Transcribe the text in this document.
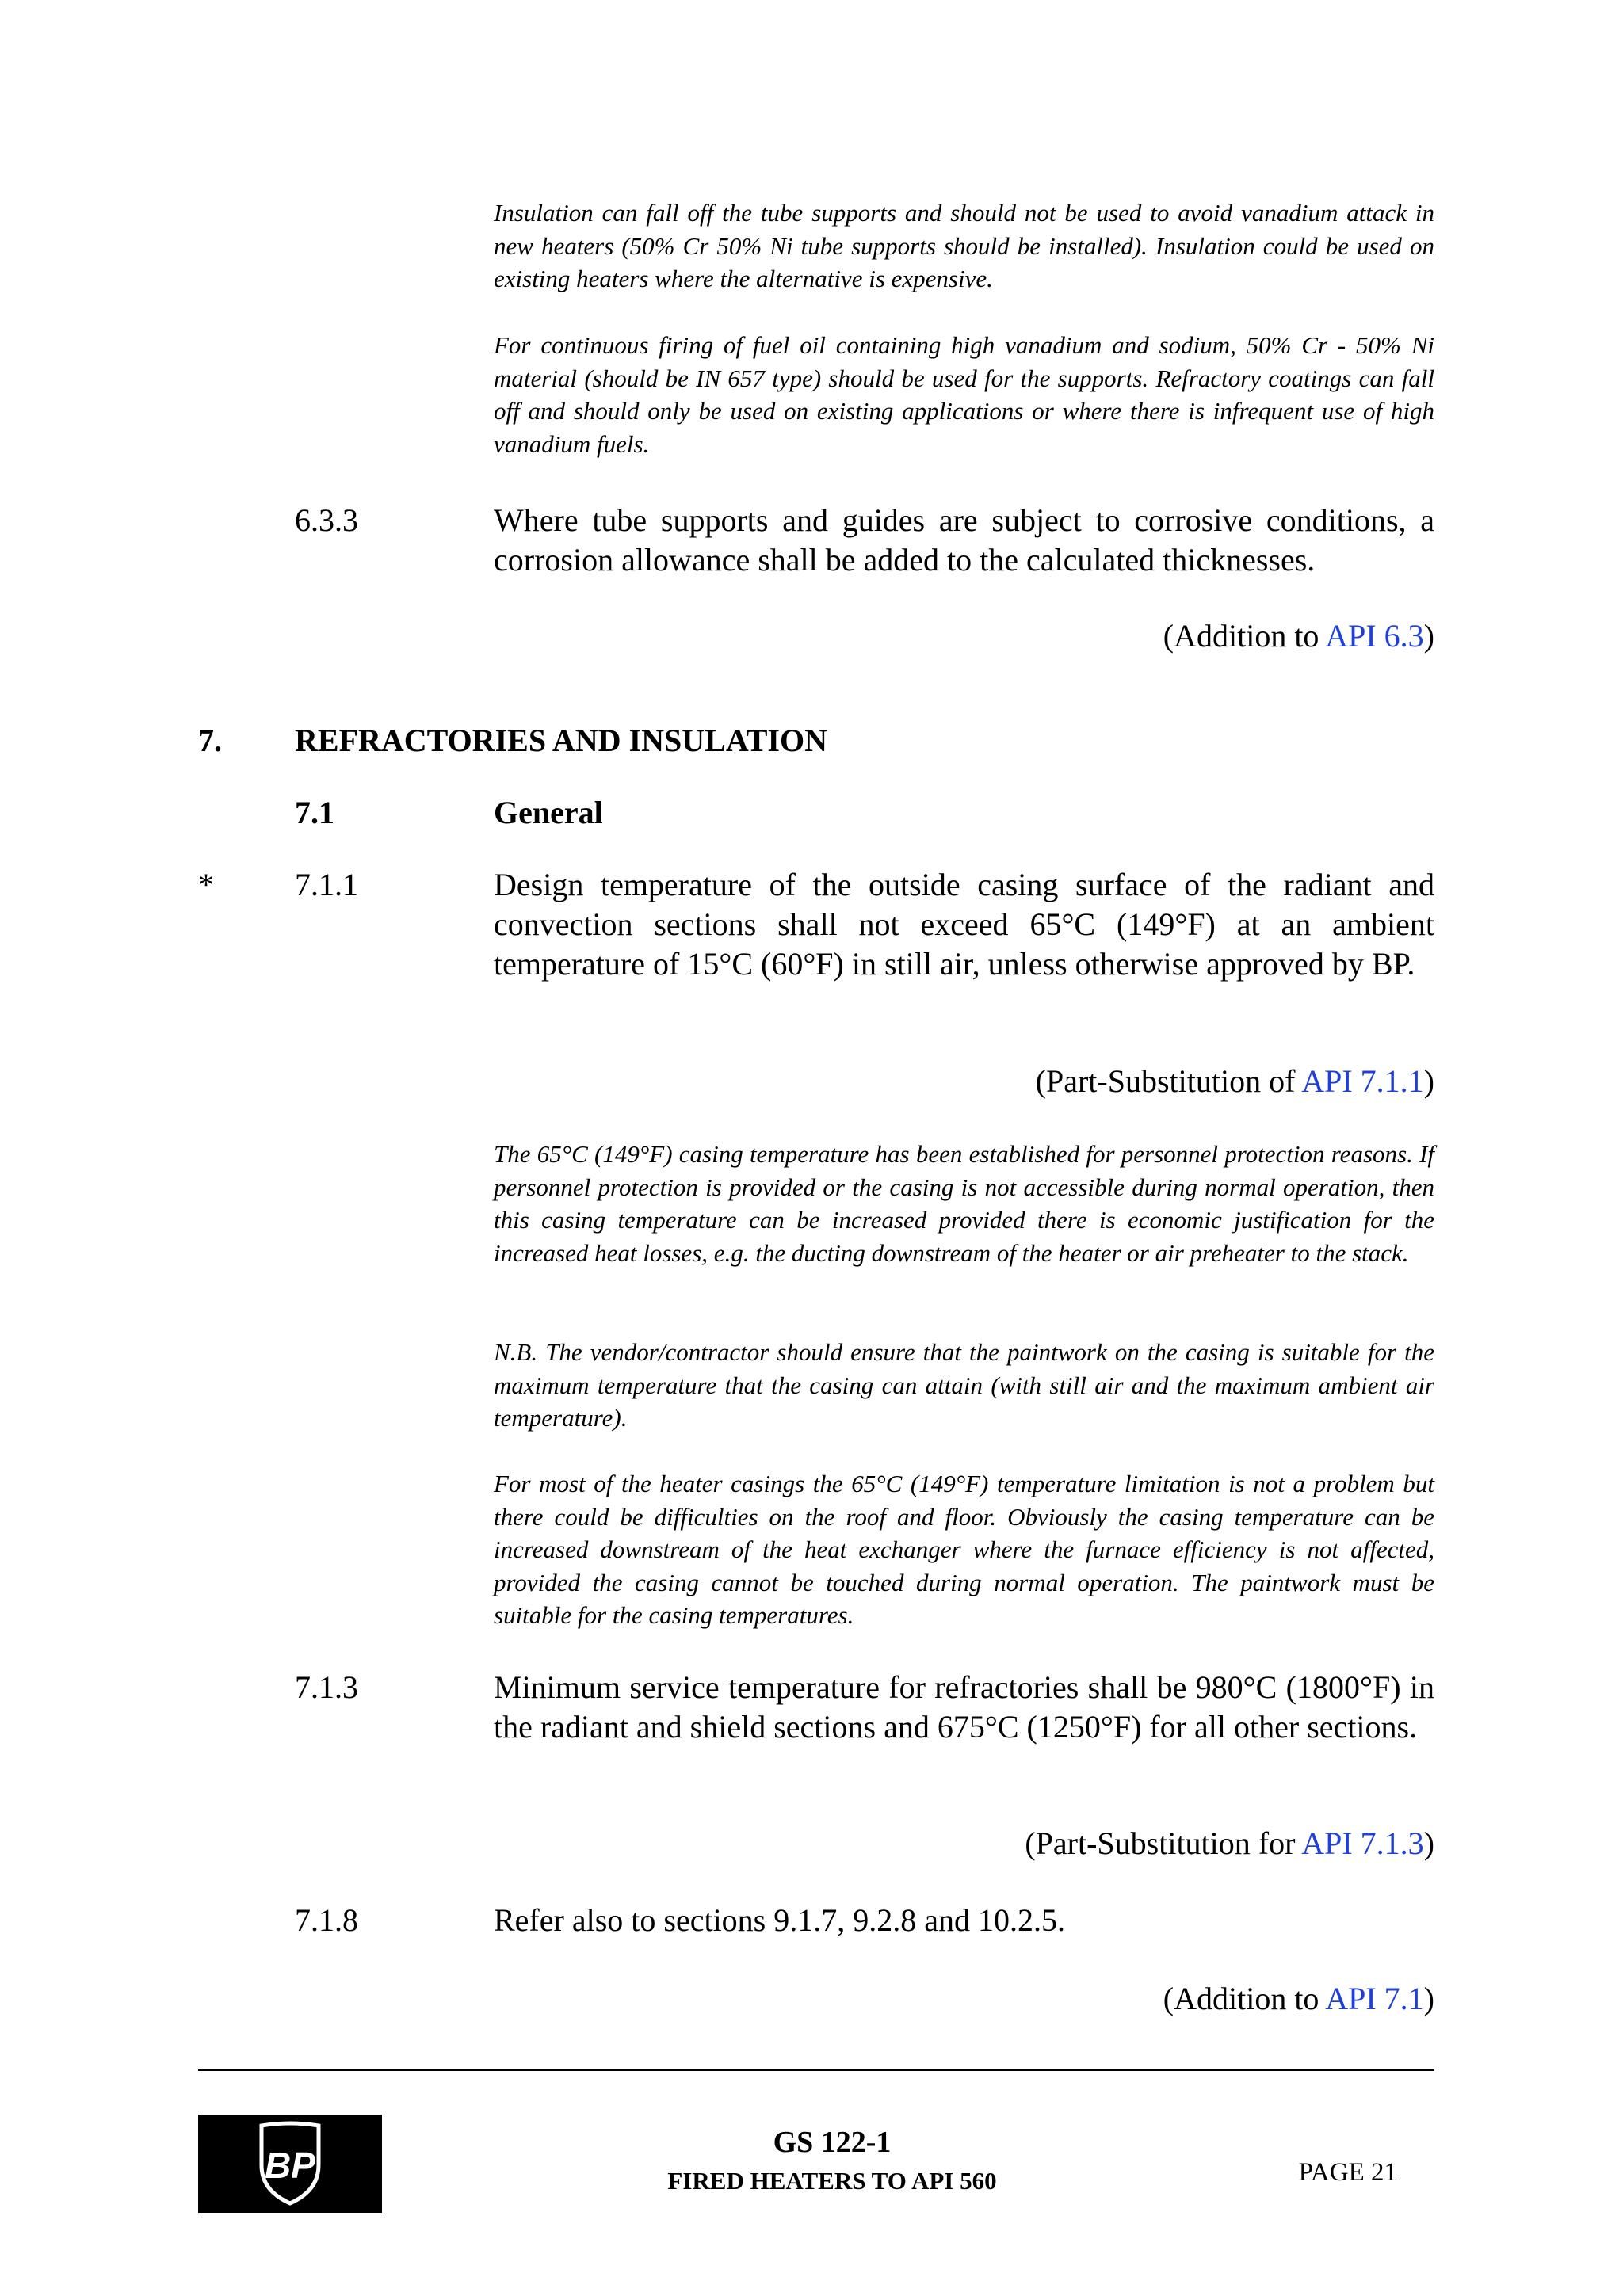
Insulation can fall off the tube supports and should not be used to avoid vanadium attack in new heaters (50% Cr 50% Ni tube supports should be installed). Insulation could be used on existing heaters where the alternative is expensive.
For continuous firing of fuel oil containing high vanadium and sodium, 50% Cr - 50% Ni material (should be IN 657 type) should be used for the supports. Refractory coatings can fall off and should only be used on existing applications or where there is infrequent use of high vanadium fuels.
6.3.3	Where tube supports and guides are subject to corrosive conditions, a corrosion allowance shall be added to the calculated thicknesses.
(Addition to API 6.3)
7. REFRACTORIES AND INSULATION
7.1	General
*	7.1.1	Design temperature of the outside casing surface of the radiant and convection sections shall not exceed 65°C (149°F) at an ambient temperature of 15°C (60°F) in still air, unless otherwise approved by BP.
(Part-Substitution of API 7.1.1)
The 65°C (149°F) casing temperature has been established for personnel protection reasons. If personnel protection is provided or the casing is not accessible during normal operation, then this casing temperature can be increased provided there is economic justification for the increased heat losses, e.g. the ducting downstream of the heater or air preheater to the stack.
N.B. The vendor/contractor should ensure that the paintwork on the casing is suitable for the maximum temperature that the casing can attain (with still air and the maximum ambient air temperature).
For most of the heater casings the 65°C (149°F) temperature limitation is not a problem but there could be difficulties on the roof and floor. Obviously the casing temperature can be increased downstream of the heat exchanger where the furnace efficiency is not affected, provided the casing cannot be touched during normal operation. The paintwork must be suitable for the casing temperatures.
7.1.3	Minimum service temperature for refractories shall be 980°C (1800°F) in the radiant and shield sections and 675°C (1250°F) for all other sections.
(Part-Substitution for API 7.1.3)
7.1.8	Refer also to sections 9.1.7, 9.2.8 and 10.2.5.
(Addition to API 7.1)
BP
GS 122-1
FIRED HEATERS TO API 560	PAGE 21
